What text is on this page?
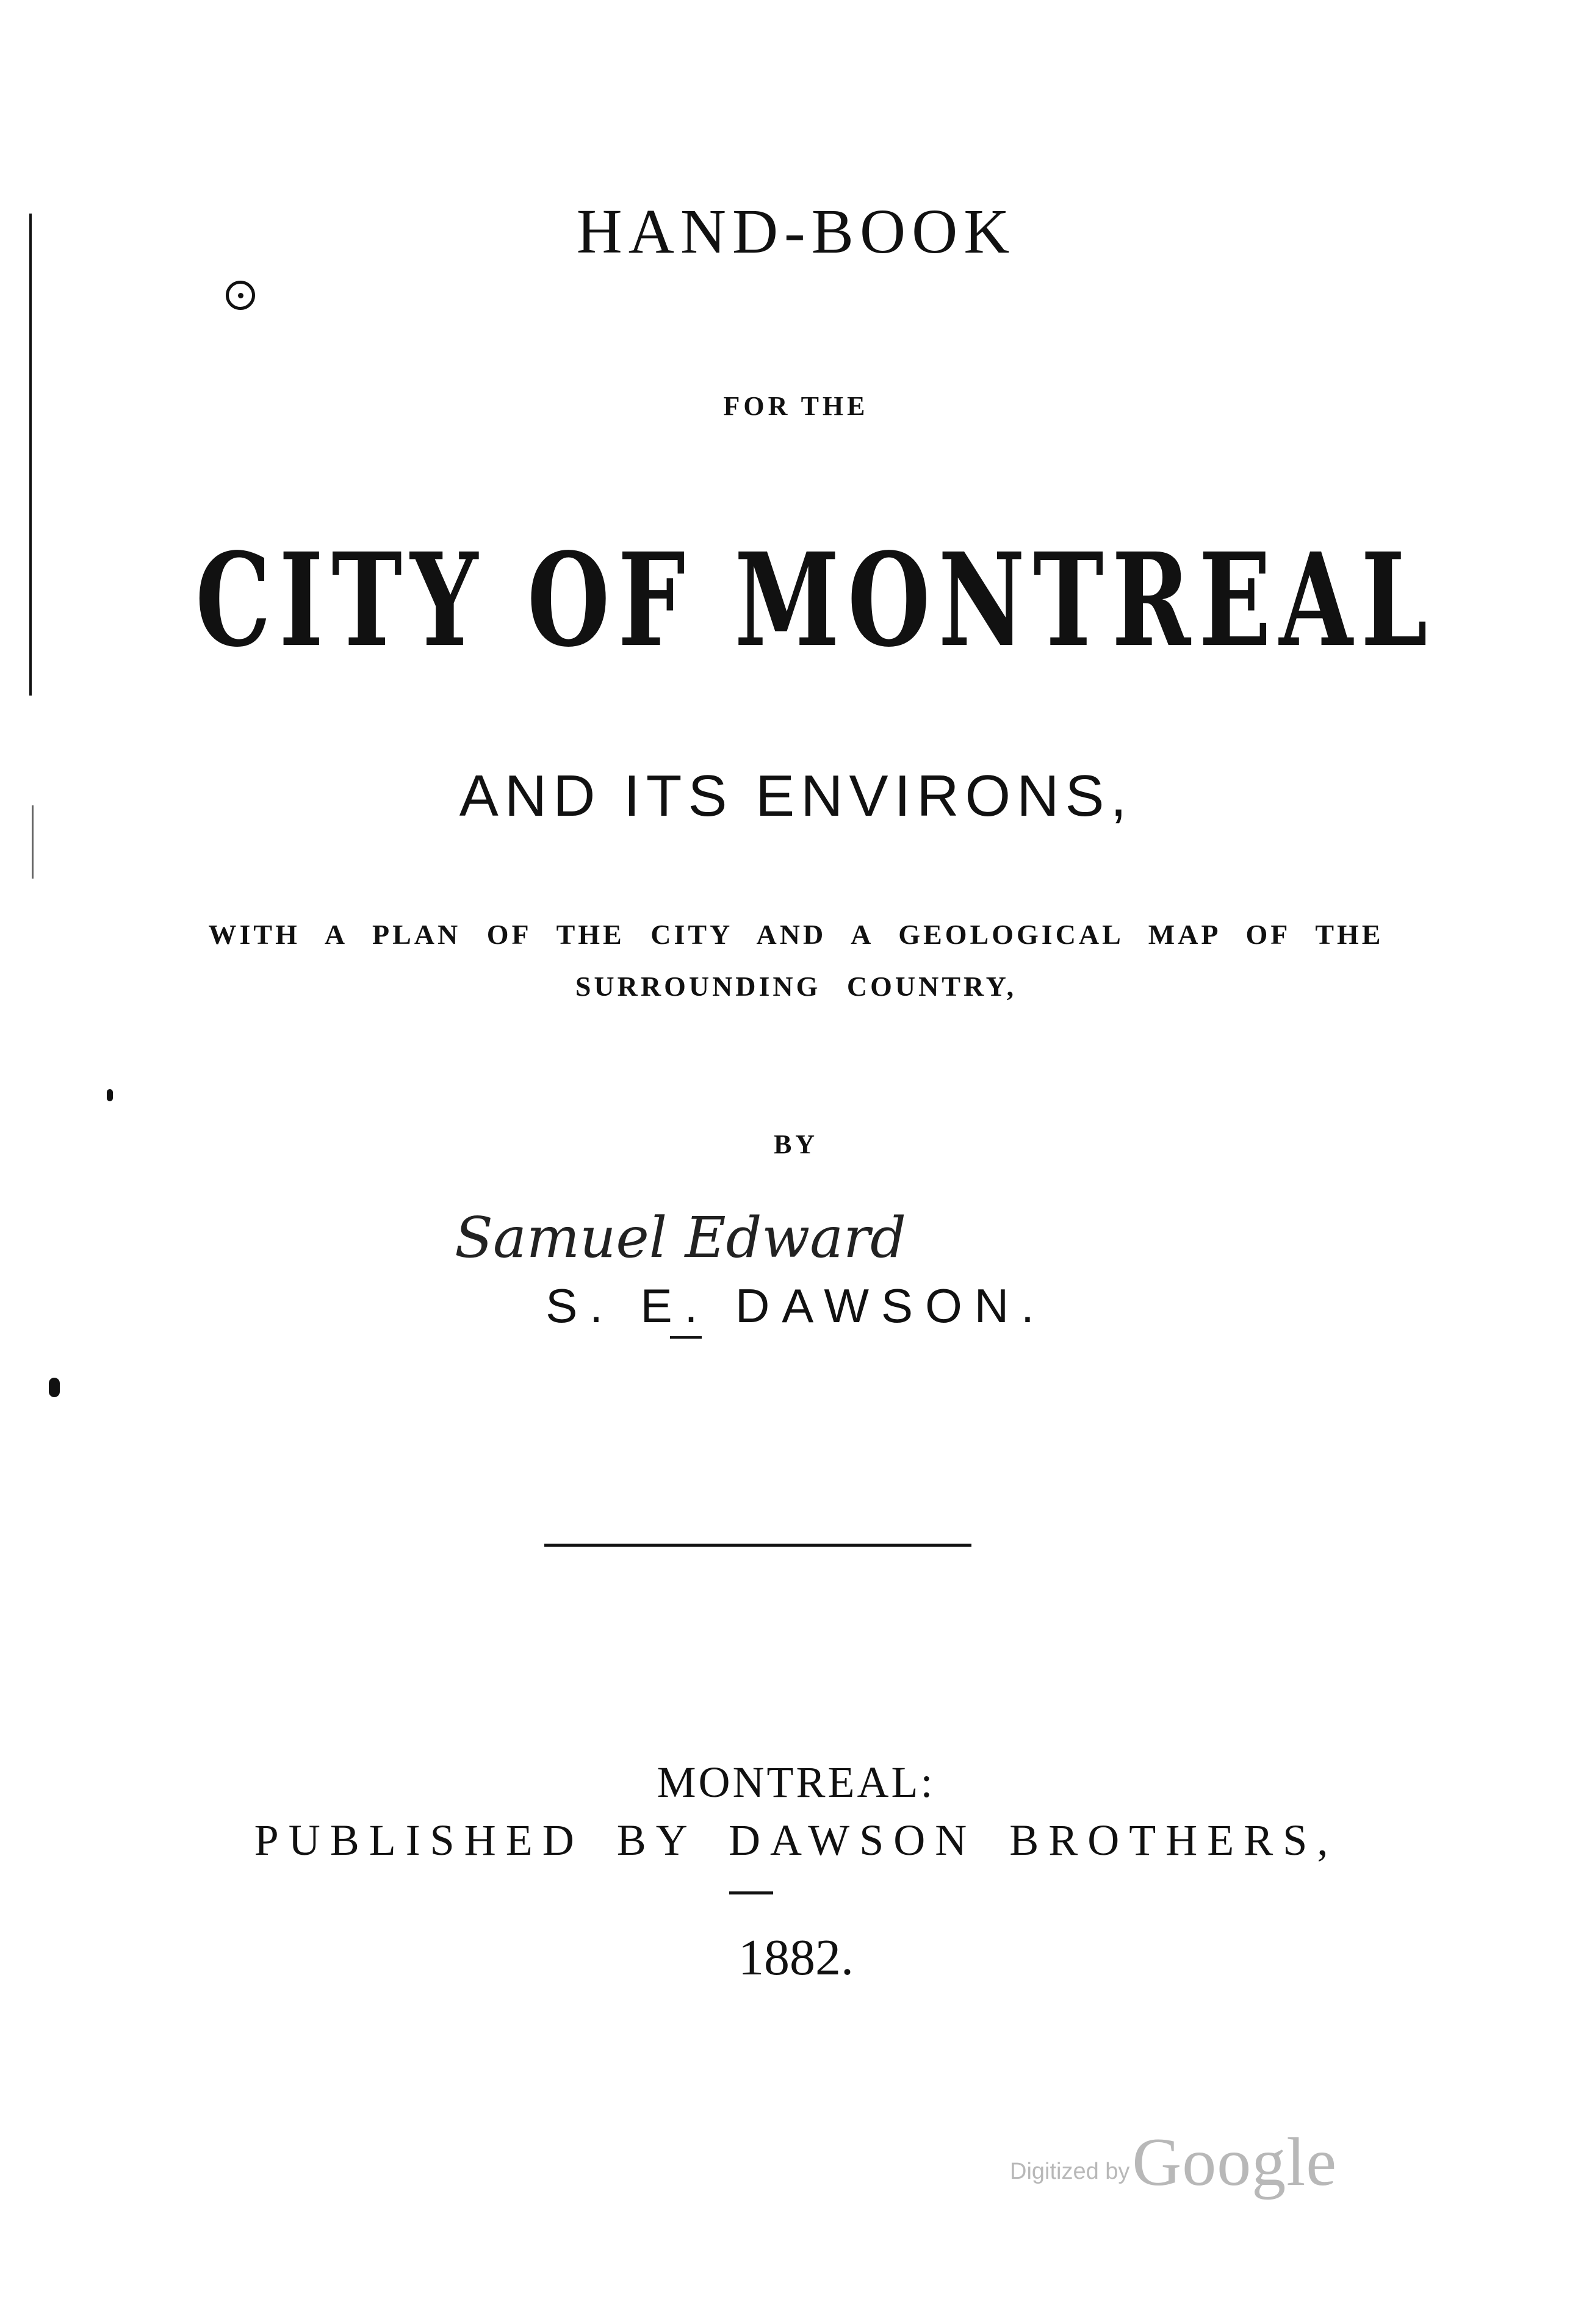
HAND-BOOK
FOR THE
CITY OF MONTREAL
AND ITS ENVIRONS,
WITH A PLAN OF THE CITY AND A GEOLOGICAL MAP OF THE
SURROUNDING COUNTRY,
BY
Samuel Edward
S. E. DAWSON.
MONTREAL:
PUBLISHED BY DAWSON BROTHERS,
1882.
Digitized by Google
